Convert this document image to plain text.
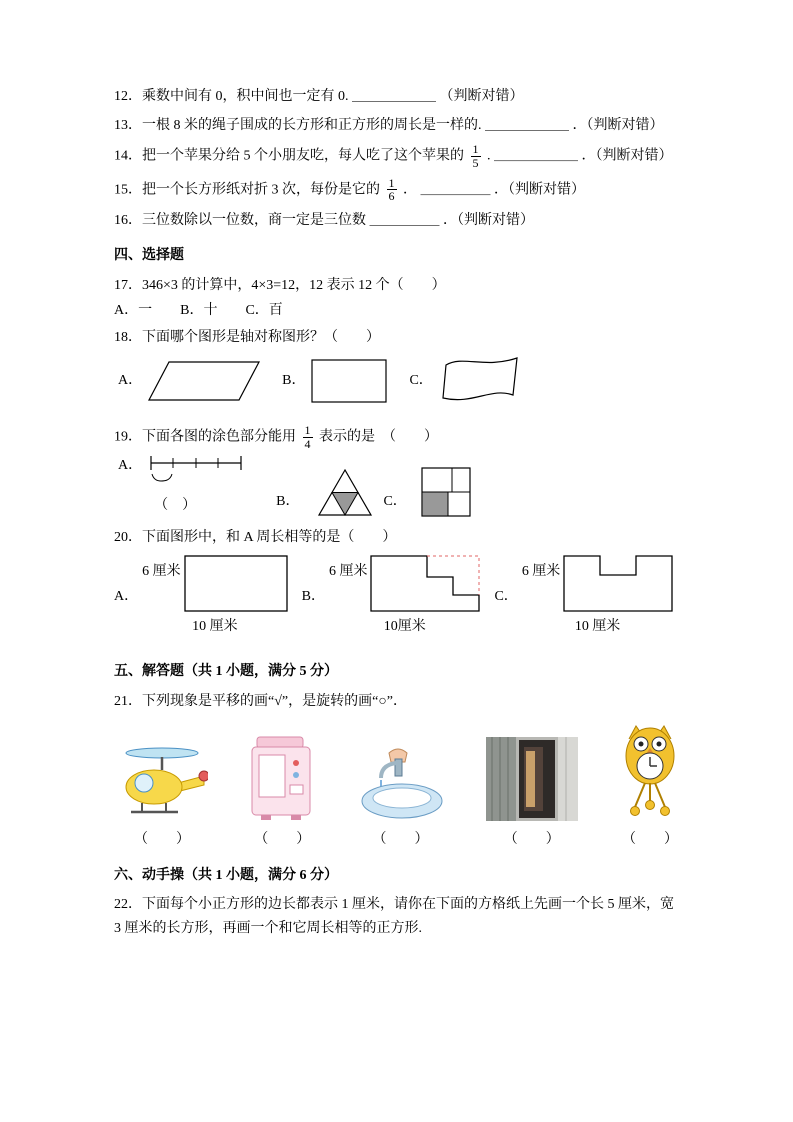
12．乘数中间有 0，积中间也一定有 0. ＿＿＿＿＿＿ （判断对错）

13．一根 8 米的绳子围成的长方形和正方形的周长是一样的. ＿＿＿＿＿＿ ．（判断对错）

14．把一个苹果分给 5 个小朋友吃，每人吃了这个苹果的 $\frac{1}{5}$ . ＿＿＿＿＿＿ ．（判断对错）

15．把一个长方形纸对折 3 次，每份是它的 $\frac{1}{6}$ ． ＿＿＿＿＿ ．（判断对错）

16．三位数除以一位数，商一定是三位数 ＿＿＿＿＿ ．（判断对错）

四、选择题

17．346×3 的计算中，4×3=12，12 表示 12 个（　　）

A．一　　B．十　　C．百

18．下面哪个图形是轴对称图形？（　　）

A．	B．	C．

19．下面各图的涂色部分能用 $\frac{1}{4}$ 表示的是　（　　）

A．
（　）	B．	C．

20．下面图形中，和 A 周长相等的是（　　）

A．
6 厘米
10 厘米
B．
6 厘米
10厘米
C．
6 厘米
10 厘米

五、解答题（共 1 小题，满分 5 分）

21．下列现象是平移的画“√”，是旋转的画“○”．

（　　）	（　　）	（　　）	（　　）	（　　）

六、动手操（共 1 小题，满分 6 分）

22．下面每个小正方形的边长都表示 1 厘米，请你在下面的方格纸上先画一个长 5 厘米，宽

3 厘米的长方形，再画一个和它周长相等的正方形.
